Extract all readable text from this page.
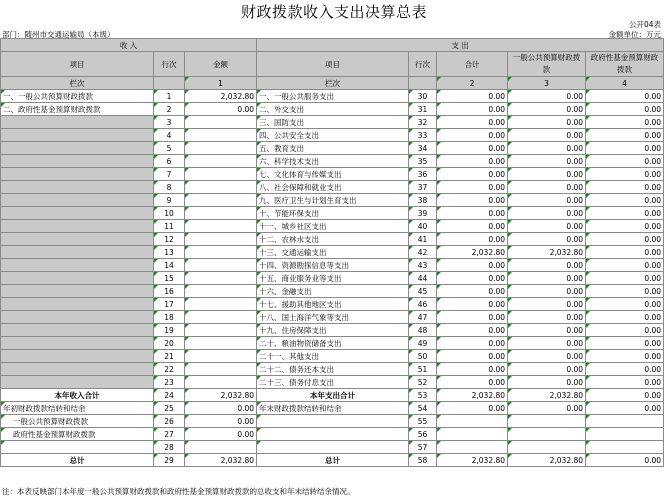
财政拨款收入支出决算总表
公开04表
部门：随州市交通运输局（本级）	金额单位：万元
收 入			支 出				
项目	行次	金额	项目	行次	合计	一般公共预算财政拨款	政府性基金预算财政拨款
栏次		1	栏次		2	3	4
一、一般公共预算财政拨款	1	2,032.80	一、一般公共服务支出	30	0.00	0.00	0.00
二、政府性基金预算财政拨款	2	0.00	二、外交支出	31	0.00	0.00	0.00
	3		三、国防支出	32	0.00	0.00	0.00
	4		四、公共安全支出	33	0.00	0.00	0.00
	5		五、教育支出	34	0.00	0.00	0.00
	6		六、科学技术支出	35	0.00	0.00	0.00
	7		七、文化体育与传媒支出	36	0.00	0.00	0.00
	8		八、社会保障和就业支出	37	0.00	0.00	0.00
	9		九、医疗卫生与计划生育支出	38	0.00	0.00	0.00
	10		十、节能环保支出	39	0.00	0.00	0.00
	11		十一、城乡社区支出	40	0.00	0.00	0.00
	12		十二、农林水支出	41	0.00	0.00	0.00
	13		十三、交通运输支出	42	2,032.80	2,032.80	0.00
	14		十四、资源勘探信息等支出	43	0.00	0.00	0.00
	15		十五、商业服务业等支出	44	0.00	0.00	0.00
	16		十六、金融支出	45	0.00	0.00	0.00
	17		十七、援助其他地区支出	46	0.00	0.00	0.00
	18		十八、国土海洋气象等支出	47	0.00	0.00	0.00
	19		十九、住房保障支出	48	0.00	0.00	0.00
	20		二十、粮油物资储备支出	49	0.00	0.00	0.00
	21		二十一、其他支出	50	0.00	0.00	0.00
	22		二十二、债务还本支出	51	0.00	0.00	0.00
	23		二十三、债务付息支出	52	0.00	0.00	0.00
本年收入合计	24	2,032.80	本年支出合计	53	2,032.80	2,032.80	0.00
年初财政拨款结转和结余	25	0.00	年末财政拨款结转和结余	54	0.00	0.00	0.00
一般公共预算财政拨款	26	0.00		55			
政府性基金预算财政拨款	27	0.00		56			
	28			57			
总计	29	2,032.80	总计	58	2,032.80	2,032.80	0.00
注：本表反映部门本年度一般公共预算财政拨款和政府性基金预算财政拨款的总收支和年末结转结余情况。
